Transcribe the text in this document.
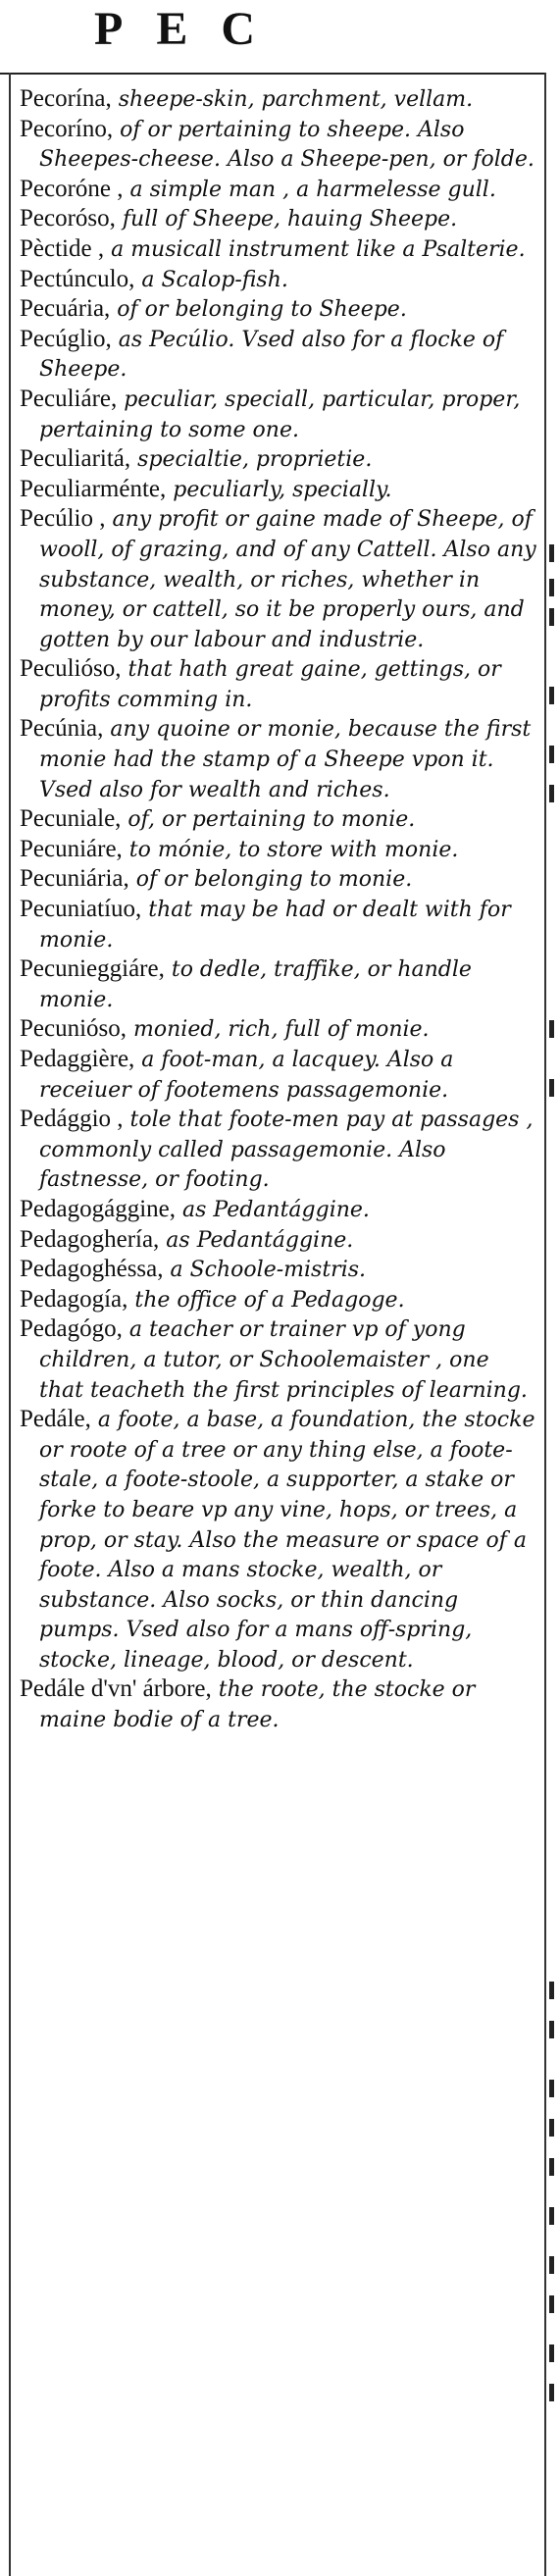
PEC

Pecorína, sheepe-skin, parchment, vellam.

Pecoríno, of or pertaining to sheepe. Also Sheepes-cheese. Also a Sheepe-pen, or folde.

Pecoróne , a simple man , a harmelesse gull.

Pecoróso, full of Sheepe, hauing Sheepe.

Pèctide , a musicall instrument like a Psalterie.

Pectúnculo, a Scalop-fish.

Pecuária, of or belonging to Sheepe.

Pecúglio, as Pecúlio. Vsed also for a flocke of Sheepe.

Peculiáre, peculiar, speciall, particular, proper, pertaining to some one.

Peculiaritá, specialtie, proprietie.

Peculiarménte, peculiarly, specially.

Pecúlio , any profit or gaine made of Sheepe, of wooll, of grazing, and of any Cattell. Also any substance, wealth, or riches, whether in money, or cattell, so it be properly ours, and gotten by our labour and industrie.

Peculióso, that hath great gaine, gettings, or profits comming in.

Pecúnia, any quoine or monie, because the first monie had the stamp of a Sheepe vpon it. Vsed also for wealth and riches.

Pecuniale, of, or pertaining to monie.

Pecuniáre, to mónie, to store with monie.

Pecuniária, of or belonging to monie.

Pecuniatíuo, that may be had or dealt with for monie.

Pecunieggiáre, to dedle, traffike, or handle monie.

Pecunióso, monied, rich, full of monie.

Pedaggière, a foot-man, a lacquey. Also a receiuer of footemens passagemonie.

Pedággio , tole that foote-men pay at passages , commonly called passagemonie. Also fastnesse, or footing.

Pedagogággine, as Pedantággine.

Pedagoghería, as Pedantággine.

Pedagoghéssa, a Schoole-mistris.

Pedagogía, the office of a Pedagoge.

Pedagógo, a teacher or trainer vp of yong children, a tutor, or Schoolemaister , one that teacheth the first principles of learning.

Pedále, a foote, a base, a foundation, the stocke or roote of a tree or any thing else, a foote-stale, a foote-stoole, a supporter, a stake or forke to beare vp any vine, hops, or trees, a prop, or stay. Also the measure or space of a foote. Also a mans stocke, wealth, or substance. Also socks, or thin dancing pumps. Vsed also for a mans off-spring, stocke, lineage, blood, or descent.

Pedále d'vn' árbore, the roote, the stocke or maine bodie of a tree.
